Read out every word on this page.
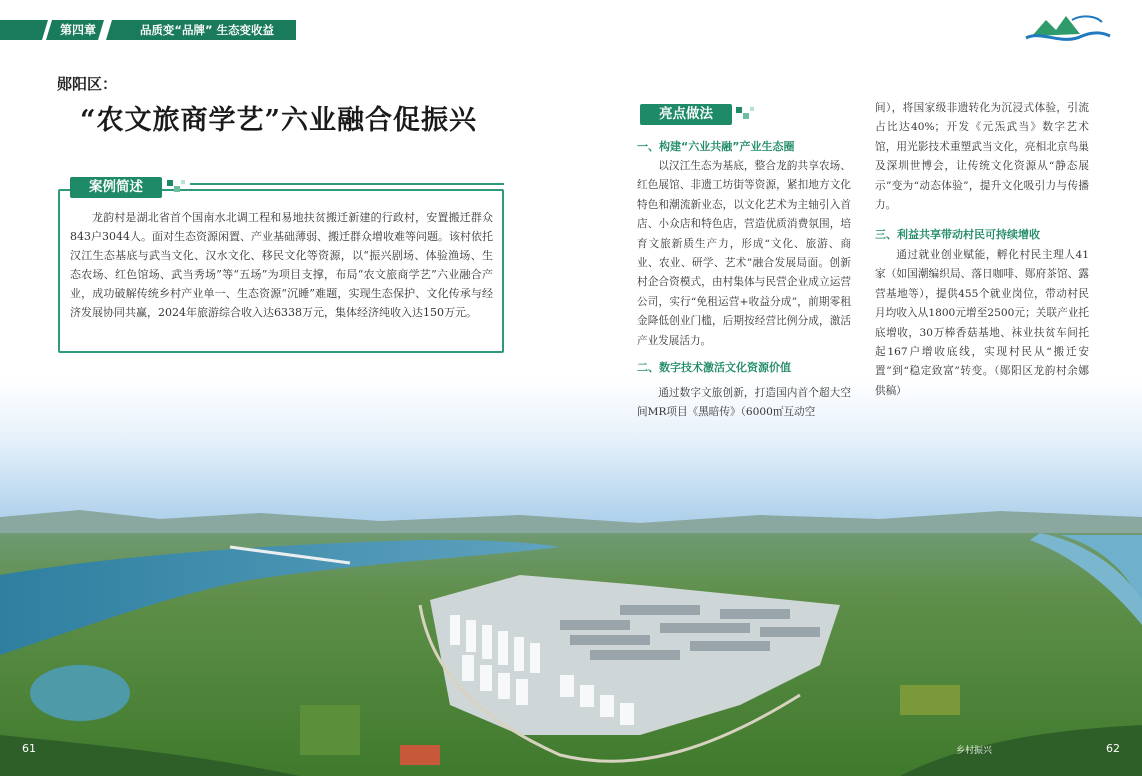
第四章	品质变“品牌” 生态变收益
郧阳区：
“农文旅商学艺”六业融合促振兴
案例简述
龙韵村是湖北省首个国南水北调工程和易地扶贫搬迁新建的行政村，安置搬迁群众843户3044人。面对生态资源闲置、产业基础薄弱、搬迁群众增收难等问题。该村依托汉江生态基底与武当文化、汉水文化、移民文化等资源，以“振兴剧场、体验渔场、生态农场、红色馆场、武当秀场”等“五场”为项目支撑，布局“农文旅商学艺”六业融合产业，成功破解传统乡村产业单一、生态资源“沉睡”难题，实现生态保护、文化传承与经济发展协同共赢，2024年旅游综合收入达6338万元，集体经济纯收入达150万元。
亮点做法
一、构建“六业共融”产业生态圈
以汉江生态为基底，整合龙韵共享农场、红色展馆、非遗工坊街等资源，紧扣地方文化特色和潮流新业态，以文化艺术为主轴引入首店、小众店和特色店，营造优质消费氛围，培育文旅新质生产力，形成“文化、旅游、商业、农业、研学、艺术”融合发展局面。创新村企合资模式，由村集体与民营企业成立运营公司，实行“免租运营+收益分成”，前期零租金降低创业门槛，后期按经营比例分成，激活产业发展活力。
二、数字技术激活文化资源价值
通过数字文旅创新，打造国内首个超大空间MR项目《黑暗传》（6000㎡互动空
间），将国家级非遗转化为沉浸式体验，引流占比达40%；开发《元炁武当》数字艺术馆，用光影技术重塑武当文化，亮相北京鸟巢及深圳世博会，让传统文化资源从“静态展示”变为“动态体验”，提升文化吸引力与传播力。
三、利益共享带动村民可持续增收
通过就业创业赋能，孵化村民主理人41家（如国潮编织局、落日咖啡、郧府茶馆、露营基地等），提供455个就业岗位，带动村民月均收入从1800元增至2500元；关联产业托底增收，30万棒香菇基地、袜业扶贫车间托起167户增收底线，实现村民从“搬迁安置”到“稳定致富”转变。（郧阳区龙韵村余娜 供稿）
61	乡村振兴	62
